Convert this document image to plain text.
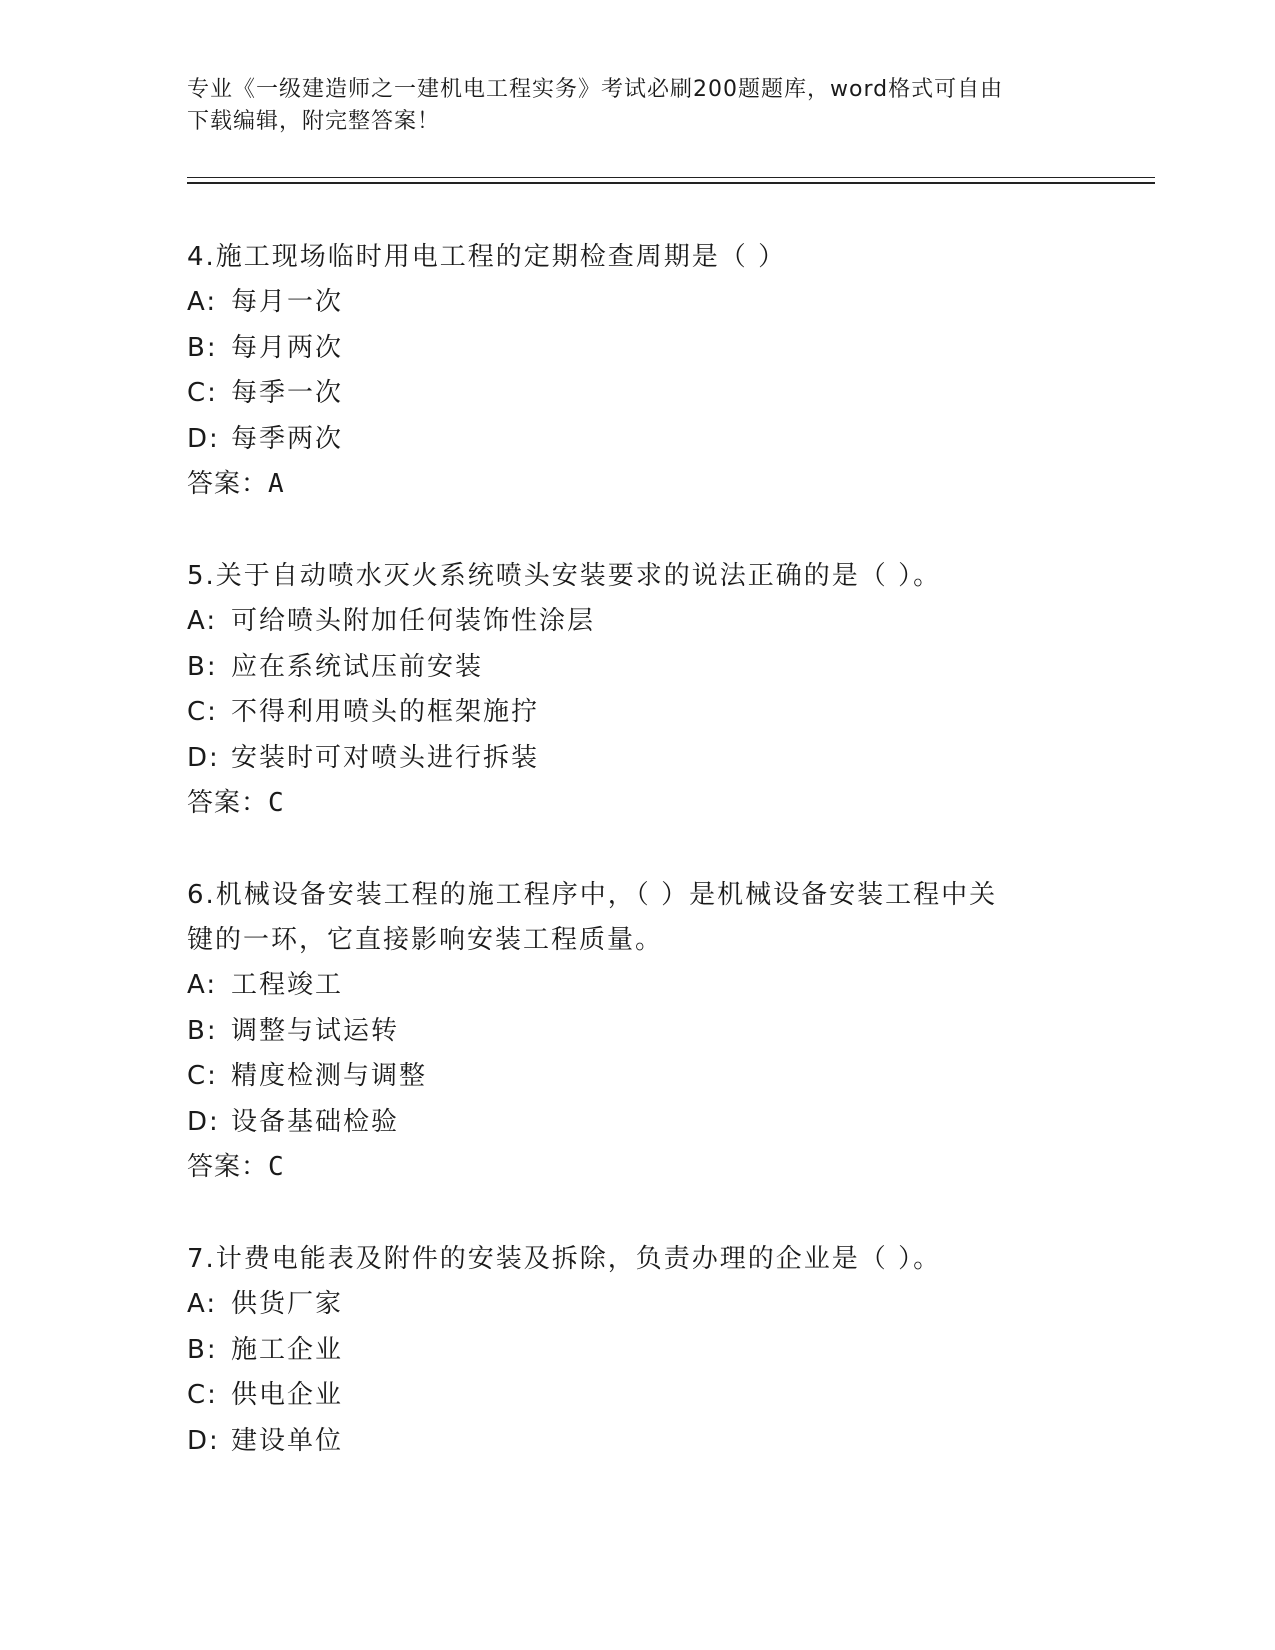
专业《一级建造师之一建机电工程实务》考试必刷200题题库，word格式可自由
下载编辑，附完整答案！

4.施工现场临时用电工程的定期检查周期是（ ）

A: 每月一次

B: 每月两次

C: 每季一次

D: 每季两次

答案：A

5.关于自动喷水灭火系统喷头安装要求的说法正确的是（ ）。

A: 可给喷头附加任何装饰性涂层

B: 应在系统试压前安装

C: 不得利用喷头的框架施拧

D: 安装时可对喷头进行拆装

答案：C

6.机械设备安装工程的施工程序中，（ ）是机械设备安装工程中关

键的一环，它直接影响安装工程质量。

A: 工程竣工

B: 调整与试运转

C: 精度检测与调整

D: 设备基础检验

答案：C

7.计费电能表及附件的安装及拆除，负责办理的企业是（ ）。

A: 供货厂家

B: 施工企业

C: 供电企业

D: 建设单位
